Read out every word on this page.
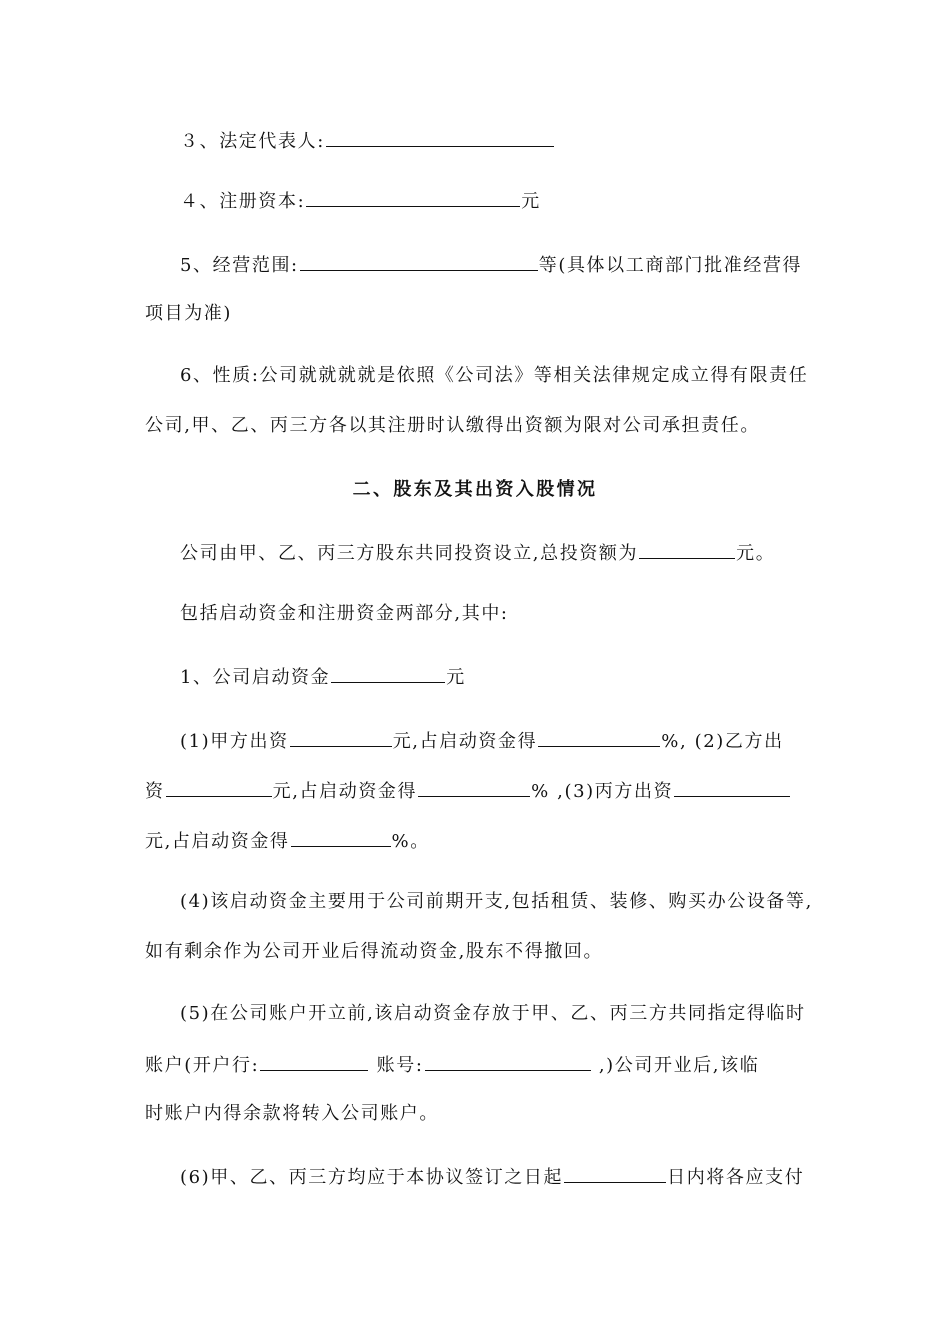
３、法定代表人:
４、注册资本:	元
5、经营范围:	等(具体以工商部门批准经营得
项目为准)
6、性质:公司就就就就是依照《公司法》等相关法律规定成立得有限责任
公司,甲、乙、丙三方各以其注册时认缴得出资额为限对公司承担责任。
二、股东及其出资入股情况
公司由甲、乙、丙三方股东共同投资设立,总投资额为	元。
包括启动资金和注册资金两部分,其中:
1、公司启动资金	元
(1)甲方出资	元,占启动资金得	%, (2)乙方出
资	元,占启动资金得	% ,(3)丙方出资
元,占启动资金得	%。
(4)该启动资金主要用于公司前期开支,包括租赁、装修、购买办公设备等,
如有剩余作为公司开业后得流动资金,股东不得撤回。
(5)在公司账户开立前,该启动资金存放于甲、乙、丙三方共同指定得临时
账户(开户行:	账号:	,)公司开业后,该临
时账户内得余款将转入公司账户。
(6)甲、乙、丙三方均应于本协议签订之日起	日内将各应支付
